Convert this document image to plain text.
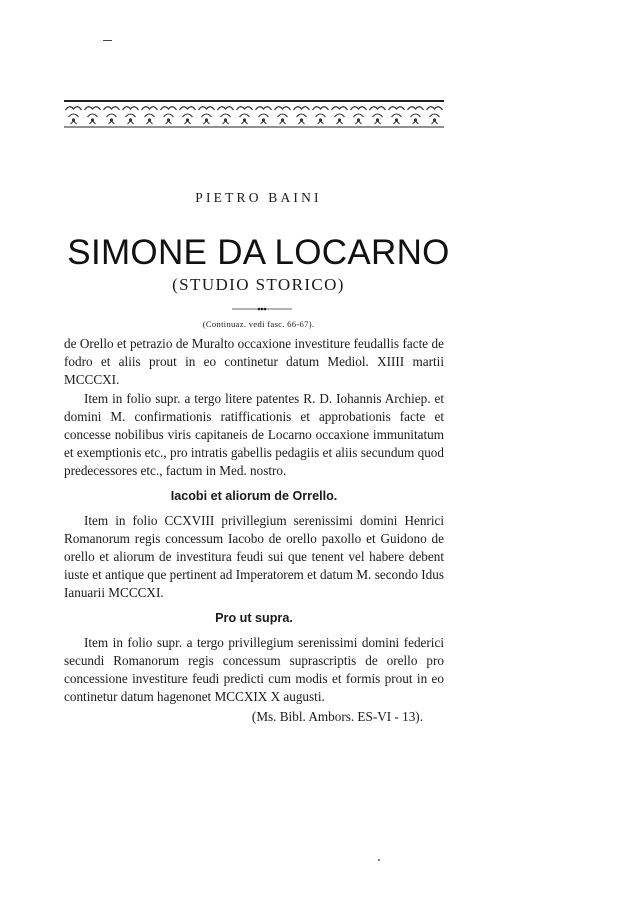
PIETRO BAINI
SIMONE DA LOCARNO
(STUDIO STORICO)
(Continuaz. vedi fasc. 66-67).

de Orello et petrazio de Muralto occaxione investiture feudallis facte de fodro et aliis prout in eo continetur datum Mediol. XIIII martii MCCCXI.

Item in folio supr. a tergo litere patentes R. D. Iohannis Archiep. et domini M. confirmationis ratifficationis et approbationis facte et concesse nobilibus viris capitaneis de Locarno occaxione immunitatum et exemptionis etc., pro intratis gabellis pedagiis et aliis secundum quod predecessores etc., factum in Med. nostro.

Iacobi et aliorum de Orrello.

Item in folio CCXVIII privillegium serenissimi domini Henrici Romanorum regis concessum Iacobo de orello paxollo et Guidono de orello et aliorum de investitura feudi sui que tenent vel habere debent iuste et antique que pertinent ad Imperatorem et datum M. secondo Idus Ianuarii MCCCXI.

Pro ut supra.

Item in folio supr. a tergo privillegium serenissimi domini federici secundi Romanorum regis concessum suprascriptis de orello pro concessione investiture feudi predicti cum modis et formis prout in eo continetur datum hagenonet MCCXIX X augusti.

(Ms. Bibl. Ambors. ES-VI - 13).
